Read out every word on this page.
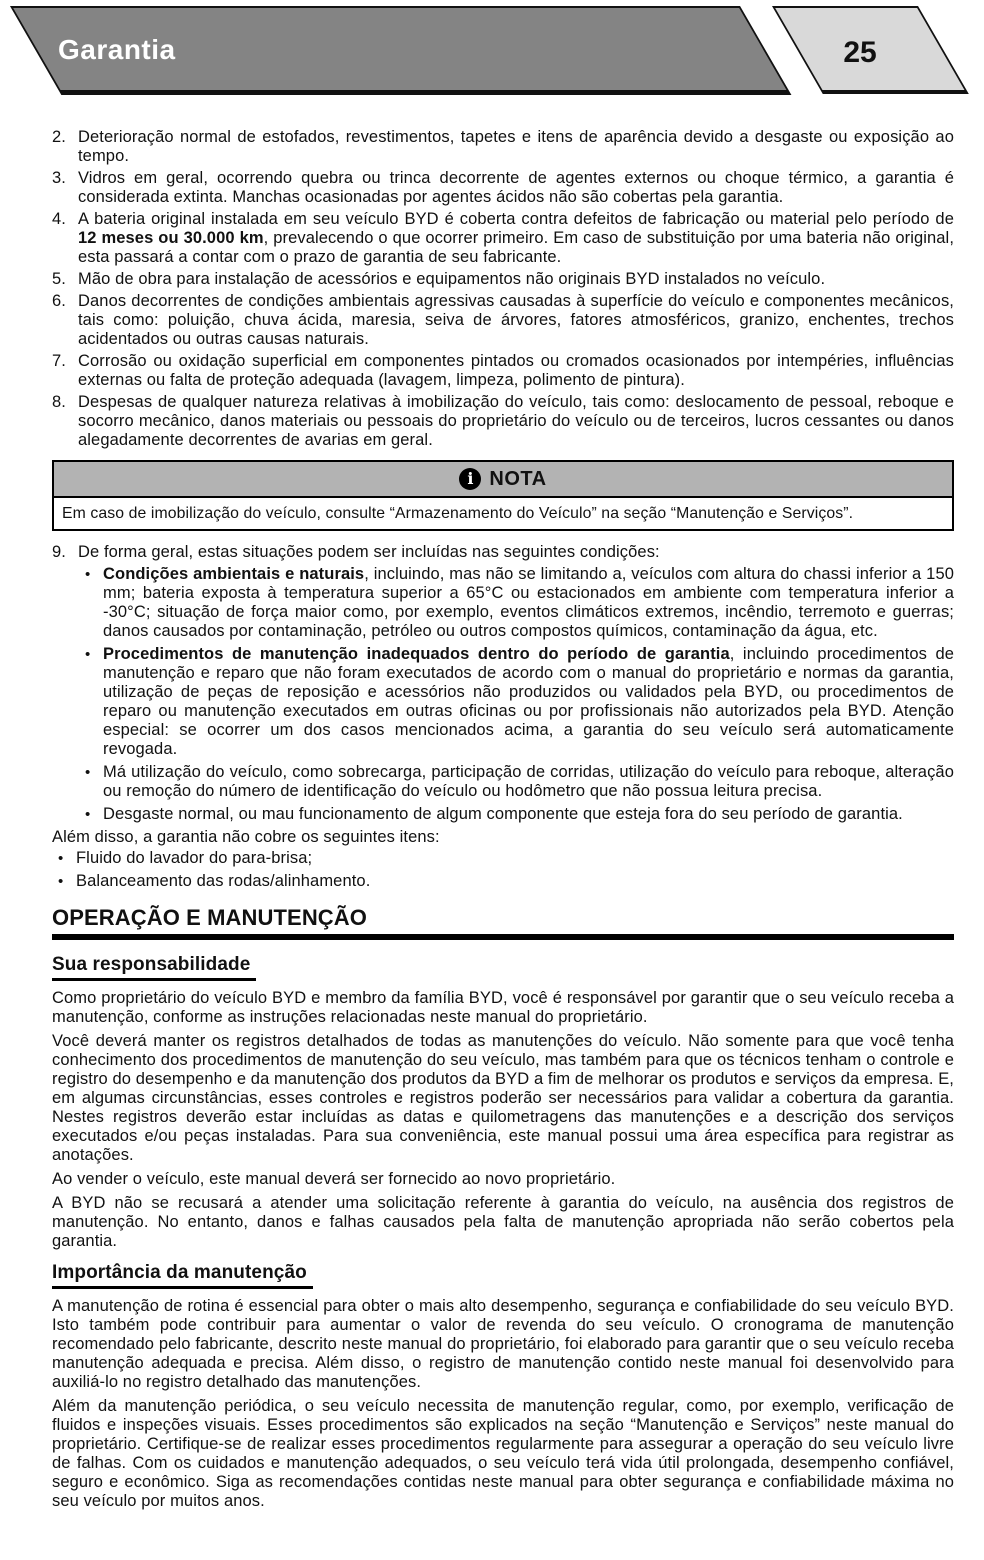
Garantia	25
2. Deterioração normal de estofados, revestimentos, tapetes e itens de aparência devido a desgaste ou exposição ao tempo.
3. Vidros em geral, ocorrendo quebra ou trinca decorrente de agentes externos ou choque térmico, a garantia é considerada extinta. Manchas ocasionadas por agentes ácidos não são cobertas pela garantia.
4. A bateria original instalada em seu veículo BYD é coberta contra defeitos de fabricação ou material pelo período de 12 meses ou 30.000 km, prevalecendo o que ocorrer primeiro. Em caso de substituição por uma bateria não original, esta passará a contar com o prazo de garantia de seu fabricante.
5. Mão de obra para instalação de acessórios e equipamentos não originais BYD instalados no veículo.
6. Danos decorrentes de condições ambientais agressivas causadas à superfície do veículo e componentes mecânicos, tais como: poluição, chuva ácida, maresia, seiva de árvores, fatores atmosféricos, granizo, enchentes, trechos acidentados ou outras causas naturais.
7. Corrosão ou oxidação superficial em componentes pintados ou cromados ocasionados por intempéries, influências externas ou falta de proteção adequada (lavagem, limpeza, polimento de pintura).
8. Despesas de qualquer natureza relativas à imobilização do veículo, tais como: deslocamento de pessoal, reboque e socorro mecânico, danos materiais ou pessoais do proprietário do veículo ou de terceiros, lucros cessantes ou danos alegadamente decorrentes de avarias em geral.
i NOTA
Em caso de imobilização do veículo, consulte “Armazenamento do Veículo” na seção “Manutenção e Serviços”.
9. De forma geral, estas situações podem ser incluídas nas seguintes condições:
• Condições ambientais e naturais, incluindo, mas não se limitando a, veículos com altura do chassi inferior a 150 mm; bateria exposta à temperatura superior a 65°C ou estacionados em ambiente com temperatura inferior a -30°C; situação de força maior como, por exemplo, eventos climáticos extremos, incêndio, terremoto e guerras; danos causados por contaminação, petróleo ou outros compostos químicos, contaminação da água, etc.
• Procedimentos de manutenção inadequados dentro do período de garantia, incluindo procedimentos de manutenção e reparo que não foram executados de acordo com o manual do proprietário e normas da garantia, utilização de peças de reposição e acessórios não produzidos ou validados pela BYD, ou procedimentos de reparo ou manutenção executados em outras oficinas ou por profissionais não autorizados pela BYD. Atenção especial: se ocorrer um dos casos mencionados acima, a garantia do seu veículo será automaticamente revogada.
• Má utilização do veículo, como sobrecarga, participação de corridas, utilização do veículo para reboque, alteração ou remoção do número de identificação do veículo ou hodômetro que não possua leitura precisa.
• Desgaste normal, ou mau funcionamento de algum componente que esteja fora do seu período de garantia.
Além disso, a garantia não cobre os seguintes itens:
• Fluido do lavador do para-brisa;
• Balanceamento das rodas/alinhamento.
OPERAÇÃO E MANUTENÇÃO
Sua responsabilidade
Como proprietário do veículo BYD e membro da família BYD, você é responsável por garantir que o seu veículo receba a manutenção, conforme as instruções relacionadas neste manual do proprietário.
Você deverá manter os registros detalhados de todas as manutenções do veículo. Não somente para que você tenha conhecimento dos procedimentos de manutenção do seu veículo, mas também para que os técnicos tenham o controle e registro do desempenho e da manutenção dos produtos da BYD a fim de melhorar os produtos e serviços da empresa. E, em algumas circunstâncias, esses controles e registros poderão ser necessários para validar a cobertura da garantia. Nestes registros deverão estar incluídas as datas e quilometragens das manutenções e a descrição dos serviços executados e/ou peças instaladas. Para sua conveniência, este manual possui uma área específica para registrar as anotações.
Ao vender o veículo, este manual deverá ser fornecido ao novo proprietário.
A BYD não se recusará a atender uma solicitação referente à garantia do veículo, na ausência dos registros de manutenção. No entanto, danos e falhas causados pela falta de manutenção apropriada não serão cobertos pela garantia.
Importância da manutenção
A manutenção de rotina é essencial para obter o mais alto desempenho, segurança e confiabilidade do seu veículo BYD. Isto também pode contribuir para aumentar o valor de revenda do seu veículo. O cronograma de manutenção recomendado pelo fabricante, descrito neste manual do proprietário, foi elaborado para garantir que o seu veículo receba manutenção adequada e precisa. Além disso, o registro de manutenção contido neste manual foi desenvolvido para auxiliá-lo no registro detalhado das manutenções.
Além da manutenção periódica, o seu veículo necessita de manutenção regular, como, por exemplo, verificação de fluidos e inspeções visuais. Esses procedimentos são explicados na seção “Manutenção e Serviços” neste manual do proprietário. Certifique-se de realizar esses procedimentos regularmente para assegurar a operação do seu veículo livre de falhas. Com os cuidados e manutenção adequados, o seu veículo terá vida útil prolongada, desempenho confiável, seguro e econômico. Siga as recomendações contidas neste manual para obter segurança e confiabilidade máxima no seu veículo por muitos anos.
